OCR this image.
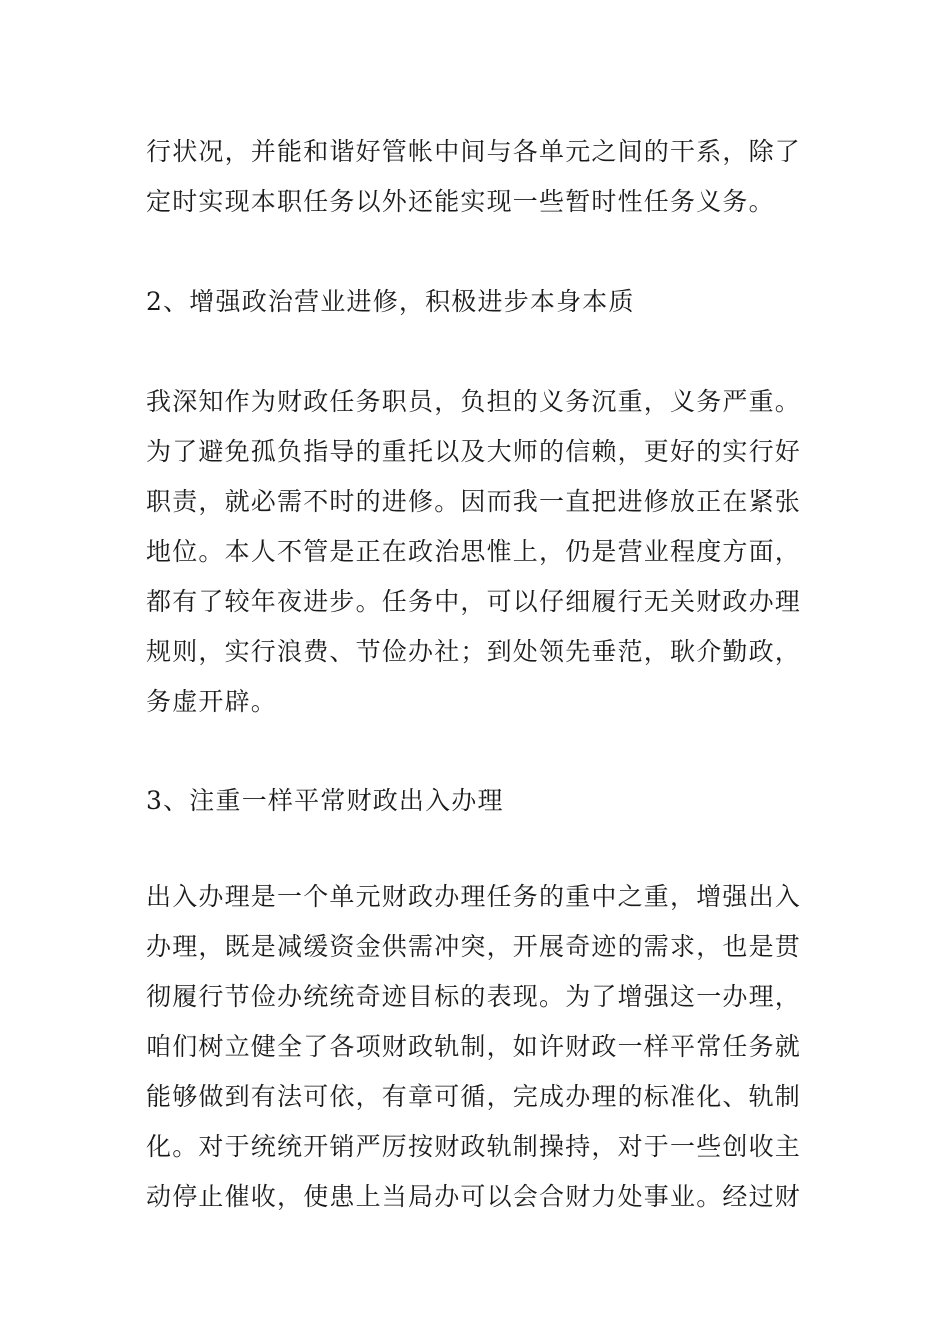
行状况，并能和谐好管帐中间与各单元之间的干系，除了
定时实现本职任务以外还能实现一些暂时性任务义务。
2、增强政治营业进修，积极进步本身本质
我深知作为财政任务职员，负担的义务沉重，义务严重。
为了避免孤负指导的重托以及大师的信赖，更好的实行好
职责，就必需不时的进修。因而我一直把进修放正在紧张
地位。本人不管是正在政治思惟上，仍是营业程度方面，
都有了较年夜进步。任务中，可以仔细履行无关财政办理
规则，实行浪费、节俭办社；到处领先垂范，耿介勤政，
务虚开辟。
3、注重一样平常财政出入办理
出入办理是一个单元财政办理任务的重中之重，增强出入
办理，既是减缓资金供需冲突，开展奇迹的需求，也是贯
彻履行节俭办统统奇迹目标的表现。为了增强这一办理，
咱们树立健全了各项财政轨制，如许财政一样平常任务就
能够做到有法可依，有章可循，完成办理的标准化、轨制
化。对于统统开销严厉按财政轨制操持，对于一些创收主
动停止催收，使患上当局办可以会合财力处事业。经过财
